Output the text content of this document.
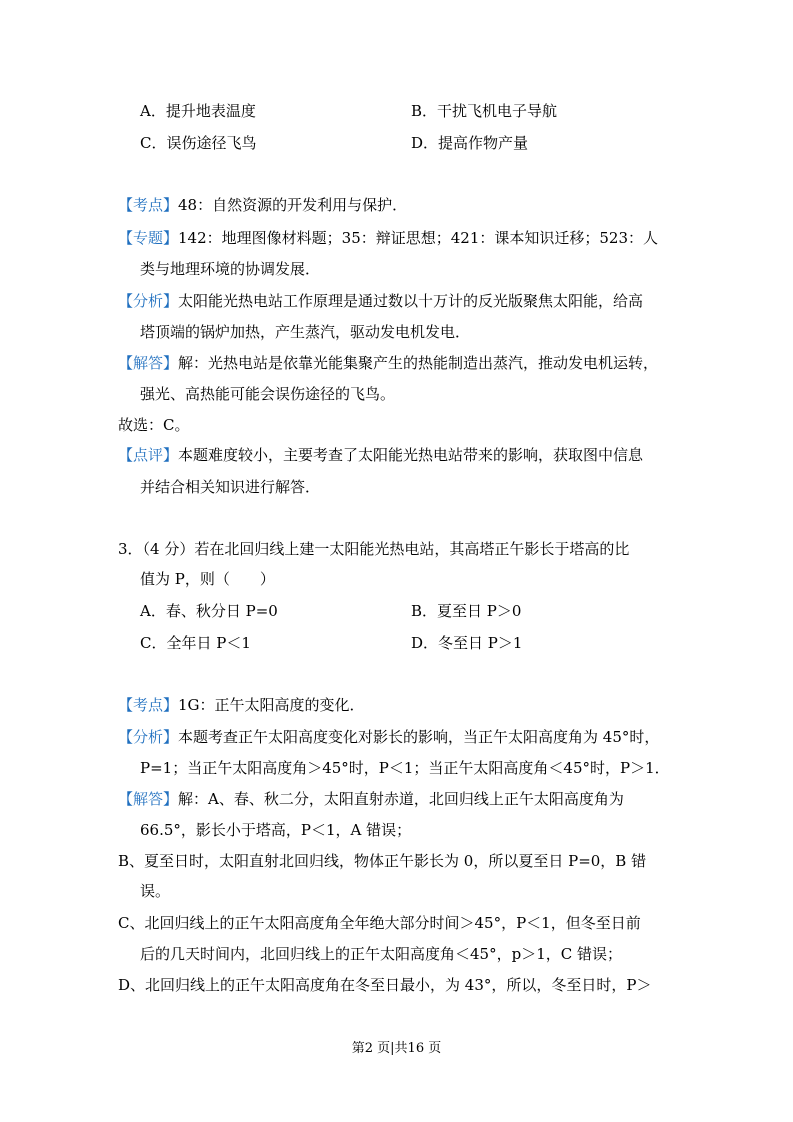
A．提升地表温度	B．干扰飞机电子导航
C．误伤途径飞鸟	D．提高作物产量
【考点】48：自然资源的开发利用与保护．
【专题】142：地理图像材料题；35：辩证思想；421：课本知识迁移；523：人
类与地理环境的协调发展．
【分析】太阳能光热电站工作原理是通过数以十万计的反光版聚焦太阳能，给高
塔顶端的锅炉加热，产生蒸汽，驱动发电机发电．
【解答】解：光热电站是依靠光能集聚产生的热能制造出蒸汽，推动发电机运转，
强光、高热能可能会误伤途径的飞鸟。
故选：C。
【点评】本题难度较小，主要考查了太阳能光热电站带来的影响，获取图中信息
并结合相关知识进行解答．
3．（4 分）若在北回归线上建一太阳能光热电站，其高塔正午影长于塔高的比
值为 P，则（　　）
A．春、秋分日 P=0	B．夏至日 P＞0
C．全年日 P＜1	D．冬至日 P＞1
【考点】1G：正午太阳高度的变化．
【分析】本题考查正午太阳高度变化对影长的影响，当正午太阳高度角为 45°时，
P=1；当正午太阳高度角＞45°时，P＜1；当正午太阳高度角＜45°时，P＞1．
【解答】解：A、春、秋二分，太阳直射赤道，北回归线上正午太阳高度角为
66.5°，影长小于塔高，P＜1，A 错误；
B、夏至日时，太阳直射北回归线，物体正午影长为 0，所以夏至日 P=0，B 错
误。
C、北回归线上的正午太阳高度角全年绝大部分时间＞45°，P＜1，但冬至日前
后的几天时间内，北回归线上的正午太阳高度角＜45°，p＞1，C 错误；
D、北回归线上的正午太阳高度角在冬至日最小，为 43°，所以，冬至日时，P＞
第2 页|共16 页
